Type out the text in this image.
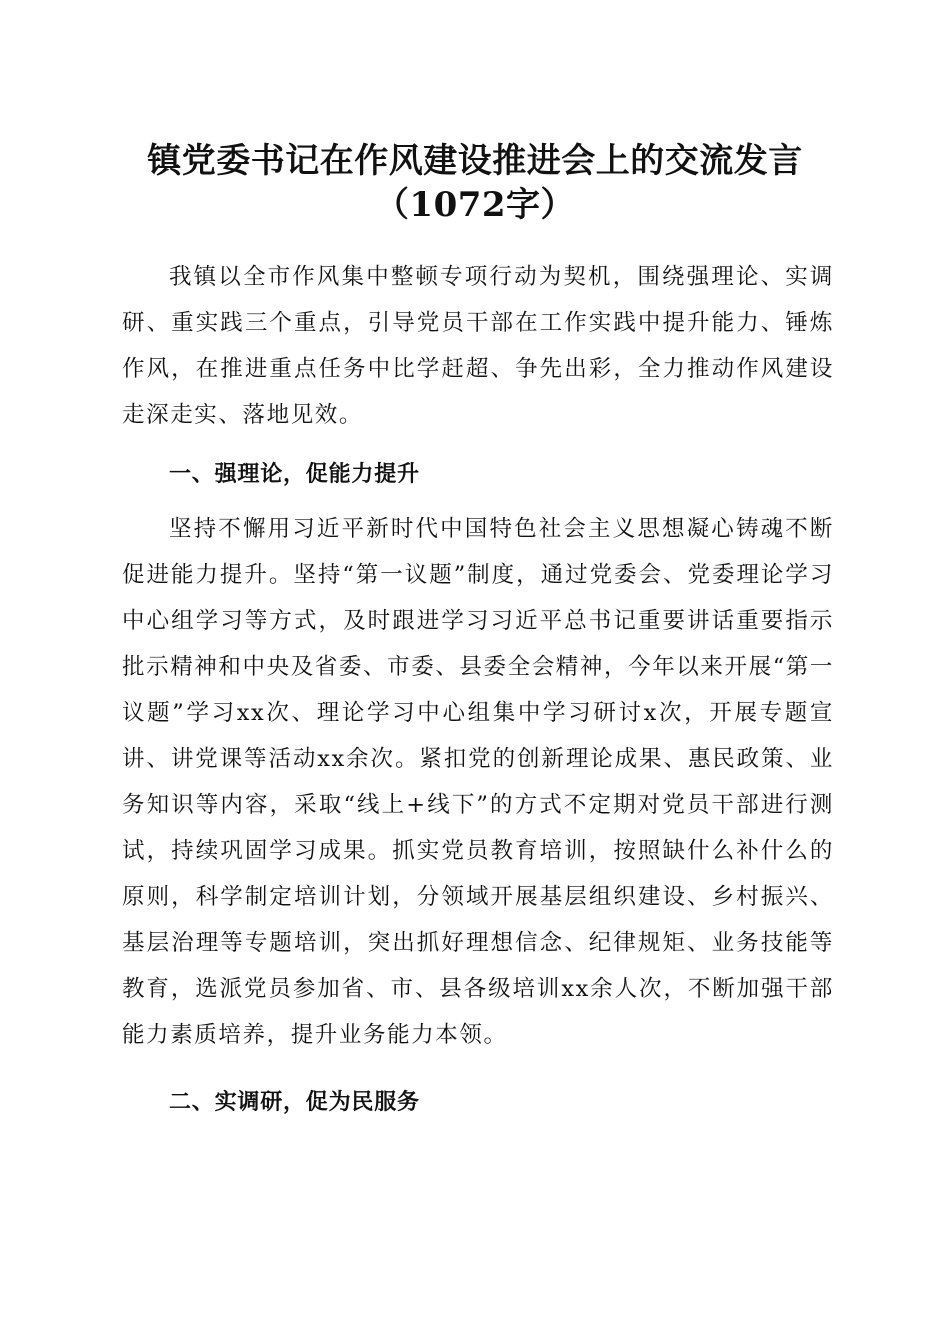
镇党委书记在作风建设推进会上的交流发言
（1072字）

我镇以全市作风集中整顿专项行动为契机，围绕强理论、实调研、重实践三个重点，引导党员干部在工作实践中提升能力、锤炼作风，在推进重点任务中比学赶超、争先出彩，全力推动作风建设走深走实、落地见效。

一、强理论，促能力提升

坚持不懈用习近平新时代中国特色社会主义思想凝心铸魂不断促进能力提升。坚持“第一议题”制度，通过党委会、党委理论学习中心组学习等方式，及时跟进学习习近平总书记重要讲话重要指示批示精神和中央及省委、市委、县委全会精神，今年以来开展“第一议题”学习xx次、理论学习中心组集中学习研讨x次，开展专题宣讲、讲党课等活动xx余次。紧扣党的创新理论成果、惠民政策、业务知识等内容，采取“线上+线下”的方式不定期对党员干部进行测试，持续巩固学习成果。抓实党员教育培训，按照缺什么补什么的原则，科学制定培训计划，分领域开展基层组织建设、乡村振兴、基层治理等专题培训，突出抓好理想信念、纪律规矩、业务技能等教育，选派党员参加省、市、县各级培训xx余人次，不断加强干部能力素质培养，提升业务能力本领。

二、实调研，促为民服务
